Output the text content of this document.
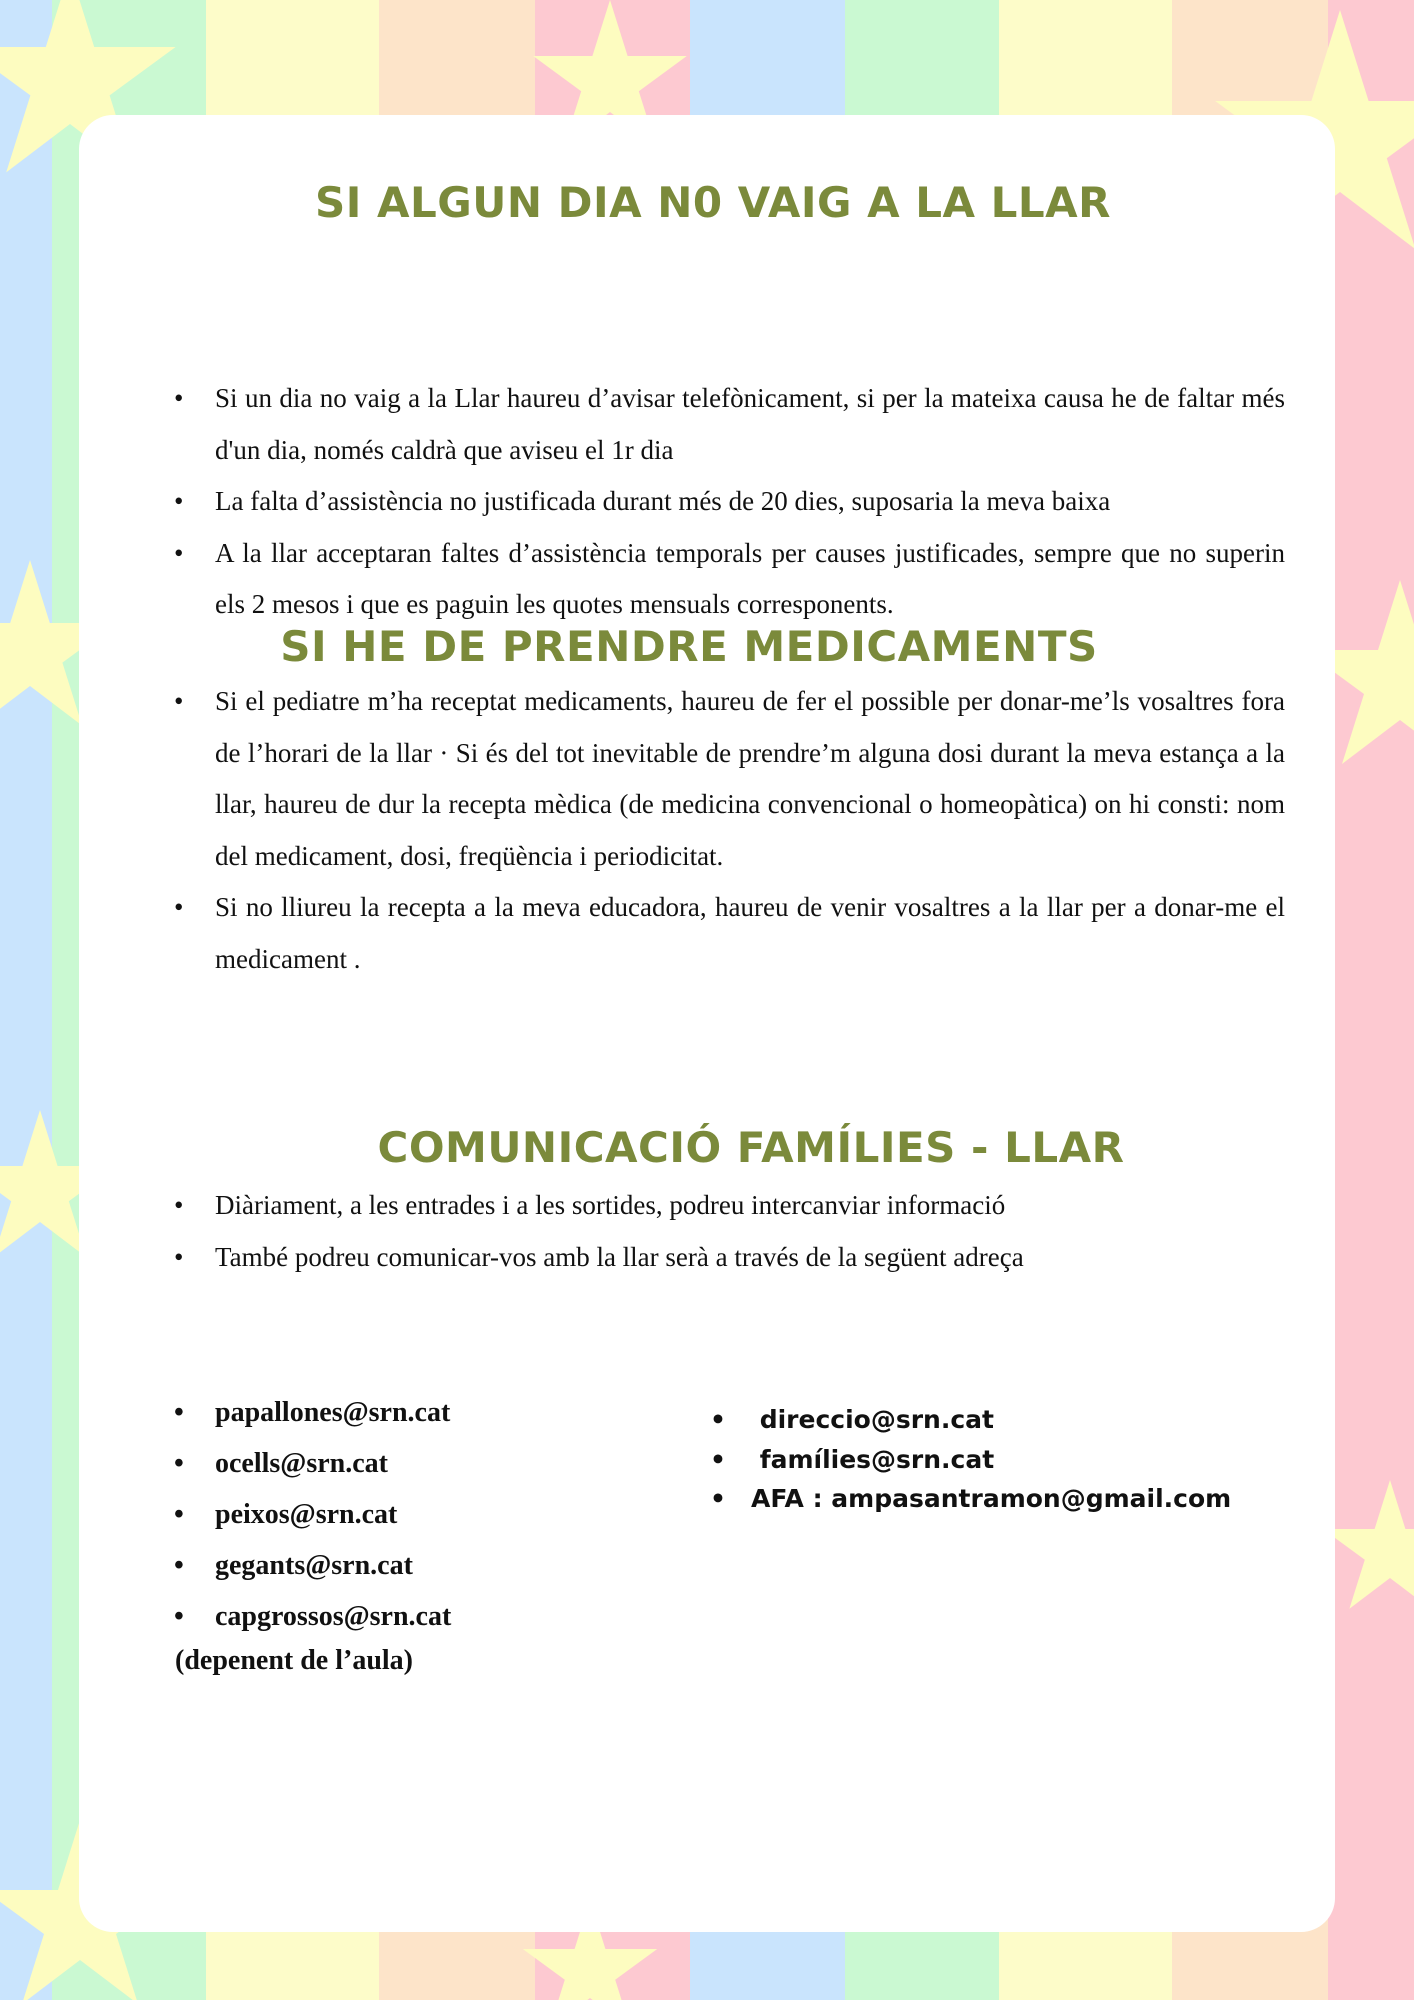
SI ALGUN DIA N0 VAIG A LA LLAR
• Si un dia no vaig a la Llar haureu d’avisar telefònicament, si per la mateixa causa he de faltar més d'un dia, només caldrà que aviseu el 1r dia
• La falta d’assistència no justificada durant més de 20 dies, suposaria la meva baixa
• A la llar acceptaran faltes d’assistència temporals per causes justificades, sempre que no superin els 2 mesos i que es paguin les quotes mensuals corresponents.
SI HE DE PRENDRE MEDICAMENTS
• Si el pediatre m’ha receptat medicaments, haureu de fer el possible per donar-me’ls vosaltres fora de l’horari de la llar · Si és del tot inevitable de prendre’m alguna dosi durant la meva estança a la llar, haureu de dur la recepta mèdica (de medicina convencional o homeopàtica) on hi consti: nom del medicament, dosi, freqüència i periodicitat.
• Si no lliureu la recepta a la meva educadora, haureu de venir vosaltres a la llar per a donar-me el medicament .
COMUNICACIÓ FAMÍLIES - LLAR
• Diàriament, a les entrades i a les sortides, podreu intercanviar informació
• També podreu comunicar-vos amb la llar serà a través de la següent adreça
• papallones@srn.cat
• ocells@srn.cat
• peixos@srn.cat
• gegants@srn.cat
• capgrossos@srn.cat
(depenent de l’aula)
•  direccio@srn.cat
•  famílies@srn.cat
• AFA : ampasantramon@gmail.com
